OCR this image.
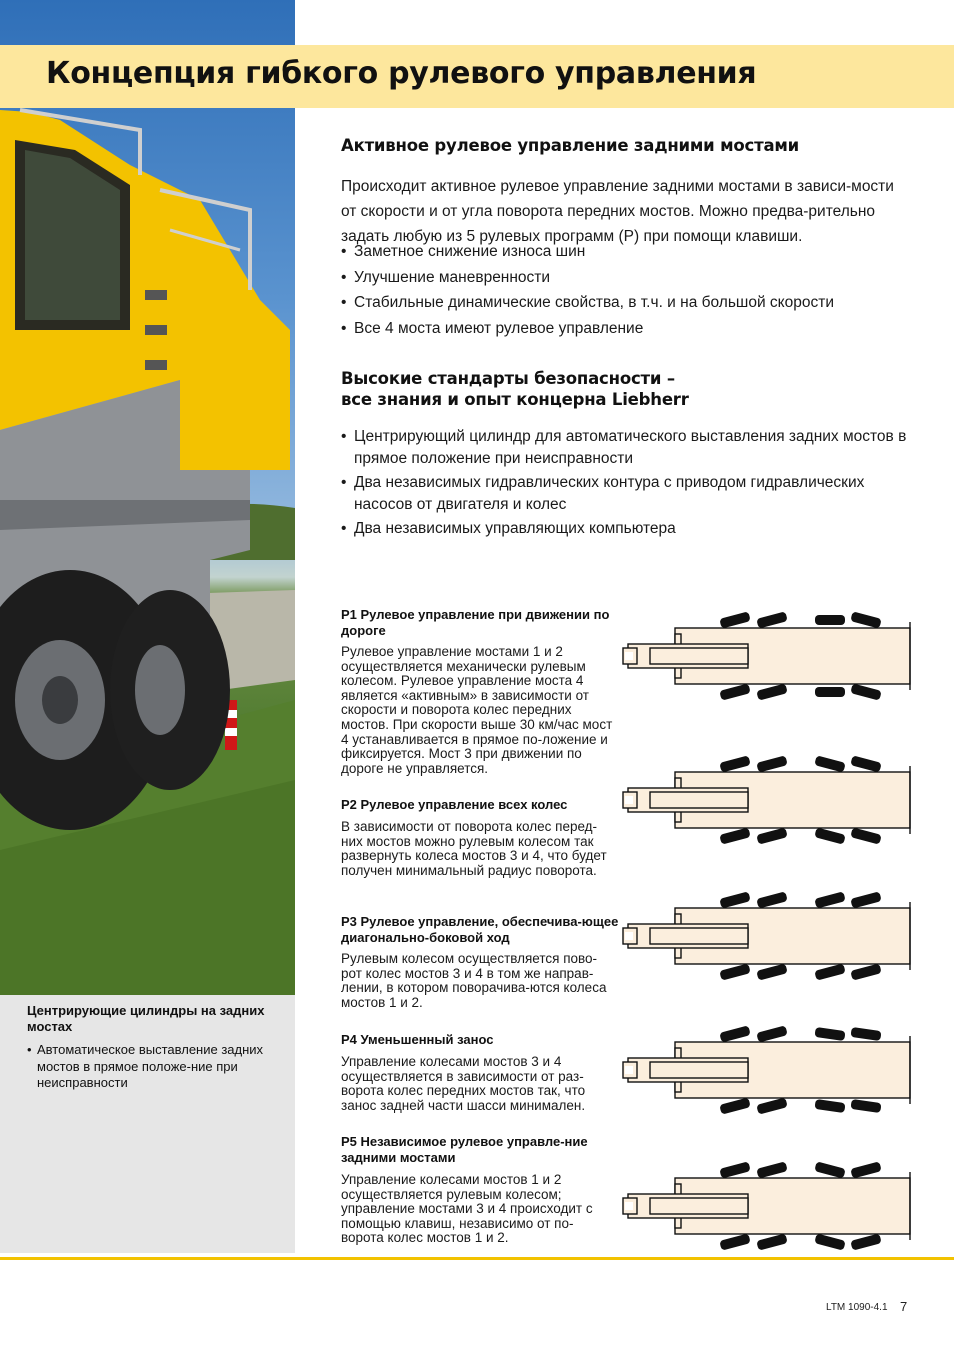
Центрирующие цилиндры на задних мостах
• Автоматическое выставление задних мостов в прямое положе-ние при неисправности
Концепция гибкого рулевого управления
Активное рулевое управление задними мостами

Происходит активное рулевое управление задними мостами в зависи-мости от скорости и от угла поворота передних мостов. Можно предва-рительно задать любую из 5 рулевых программ (P) при помощи клавиши.

• Заметное снижение износа шин
• Улучшение маневренности
• Стабильные динамические свойства, в т.ч. и на большой скорости
• Все 4 моста имеют рулевое управление
Высокие стандарты безопасности –
все знания и опыт концерна Liebherr
• Центрирующий цилиндр для автоматического выставления задних мостов в прямое положение при неисправности
• Два независимых гидравлических контура с приводом гидравлических насосов от двигателя и колес
• Два независимых управляющих компьютера
P1 Рулевое управление при движении по дороге
Рулевое управление мостами 1 и 2 осуществляется механически рулевым колесом. Рулевое управление моста 4 является «активным» в зависимости от скорости и поворота колес передних мостов. При скорости выше 30 км/час мост 4 устанавливается в прямое по-ложение и фиксируется. Мост 3 при движении по дороге не управляется.
P2 Рулевое управление всех колес
В зависимости от поворота колес перед-них мостов можно рулевым колесом так развернуть колеса мостов 3 и 4, что будет получен минимальный радиус поворота.
P3 Рулевое управление, обеспечива-ющее диагонально-боковой ход
Рулевым колесом осуществляется пово-рот колес мостов 3 и 4 в том же направ-лении, в котором поворачива-ются колеса мостов 1 и 2.
P4 Уменьшенный занос
Управление колесами мостов 3 и 4 осуществляется в зависимости от раз-ворота колес передних мостов так, что занос задней части шасси минимален.
P5 Независимое рулевое управле-ние задними мостами
Управление колесами мостов 1 и 2 осуществляется рулевым колесом; управление мостами 3 и 4 происходит с помощью клавиш, независимо от по-ворота колес мостов 1 и 2.
LTM 1090-4.1 7
